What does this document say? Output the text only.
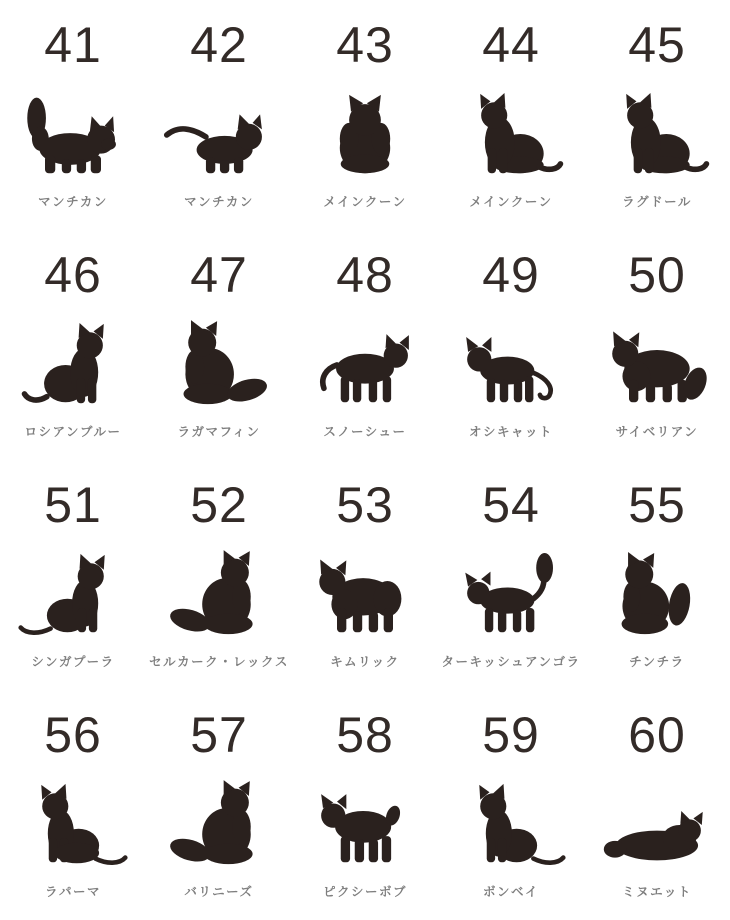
41
マンチカン
42
マンチカン
43
メインクーン
44
メインクーン
45
ラグドール
46
ロシアンブルー
47
ラガマフィン
48
スノーシュー
49
オシキャット
50
サイベリアン
51
シンガプーラ
52
セルカーク・レックス
53
キムリック
54
ターキッシュアンゴラ
55
チンチラ
56
ラパーマ
57
バリニーズ
58
ピクシーボブ
59
ボンベイ
60
ミヌエット
